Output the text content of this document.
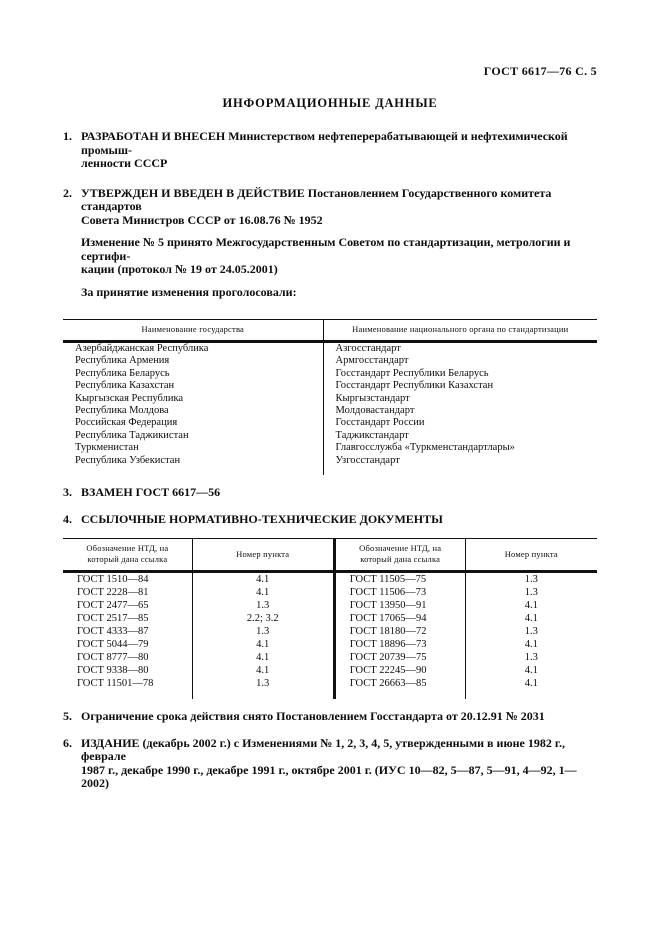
ГОСТ 6617—76 С. 5
ИНФОРМАЦИОННЫЕ ДАННЫЕ
1. РАЗРАБОТАН И ВНЕСЕН Министерством нефтеперерабатывающей и нефтехимической промыш-
ленности СССР
2. УТВЕРЖДЕН И ВВЕДЕН В ДЕЙСТВИЕ Постановлением Государственного комитета стандартов
Совета Министров СССР от 16.08.76 № 1952
Изменение № 5 принято Межгосударственным Советом по стандартизации, метрологии и сертифи-
кации (протокол № 19 от 24.05.2001)
За принятие изменения проголосовали:
Наименование государства	Наименование национального органа по стандартизации
Азербайджанская Республика	Азгосстандарт
Республика Армения	Армгосстандарт
Республика Беларусь	Госстандарт Республики Беларусь
Республика Казахстан	Госстандарт Республики Казахстан
Кыргызская Республика	Кыргызстандарт
Республика Молдова	Молдовастандарт
Российская Федерация	Госстандарт России
Республика Таджикистан	Таджикстандарт
Туркменистан	Главгосслужба «Туркменстандартлары»
Республика Узбекистан	Узгосстандарт

3. ВЗАМЕН ГОСТ 6617—56
4. ССЫЛОЧНЫЕ НОРМАТИВНО-ТЕХНИЧЕСКИЕ ДОКУМЕНТЫ
Обозначение НТД, на который дана ссылка	Номер пункта	Обозначение НТД, на который дана ссылка	Номер пункта
ГОСТ 1510—84	4.1	ГОСТ 11505—75	1.3
ГОСТ 2228—81	4.1	ГОСТ 11506—73	1.3
ГОСТ 2477—65	1.3	ГОСТ 13950—91	4.1
ГОСТ 2517—85	2.2; 3.2	ГОСТ 17065—94	4.1
ГОСТ 4333—87	1.3	ГОСТ 18180—72	1.3
ГОСТ 5044—79	4.1	ГОСТ 18896—73	4.1
ГОСТ 8777—80	4.1	ГОСТ 20739—75	1.3
ГОСТ 9338—80	4.1	ГОСТ 22245—90	4.1
ГОСТ 11501—78	1.3	ГОСТ 26663—85	4.1

5. Ограничение срока действия снято Постановлением Госстандарта от 20.12.91 № 2031
6. ИЗДАНИЕ (декабрь 2002 г.) с Изменениями № 1, 2, 3, 4, 5, утвержденными в июне 1982 г., феврале
1987 г., декабре 1990 г., декабре 1991 г., октябре 2001 г. (ИУС 10—82, 5—87, 5—91, 4—92, 1—2002)
